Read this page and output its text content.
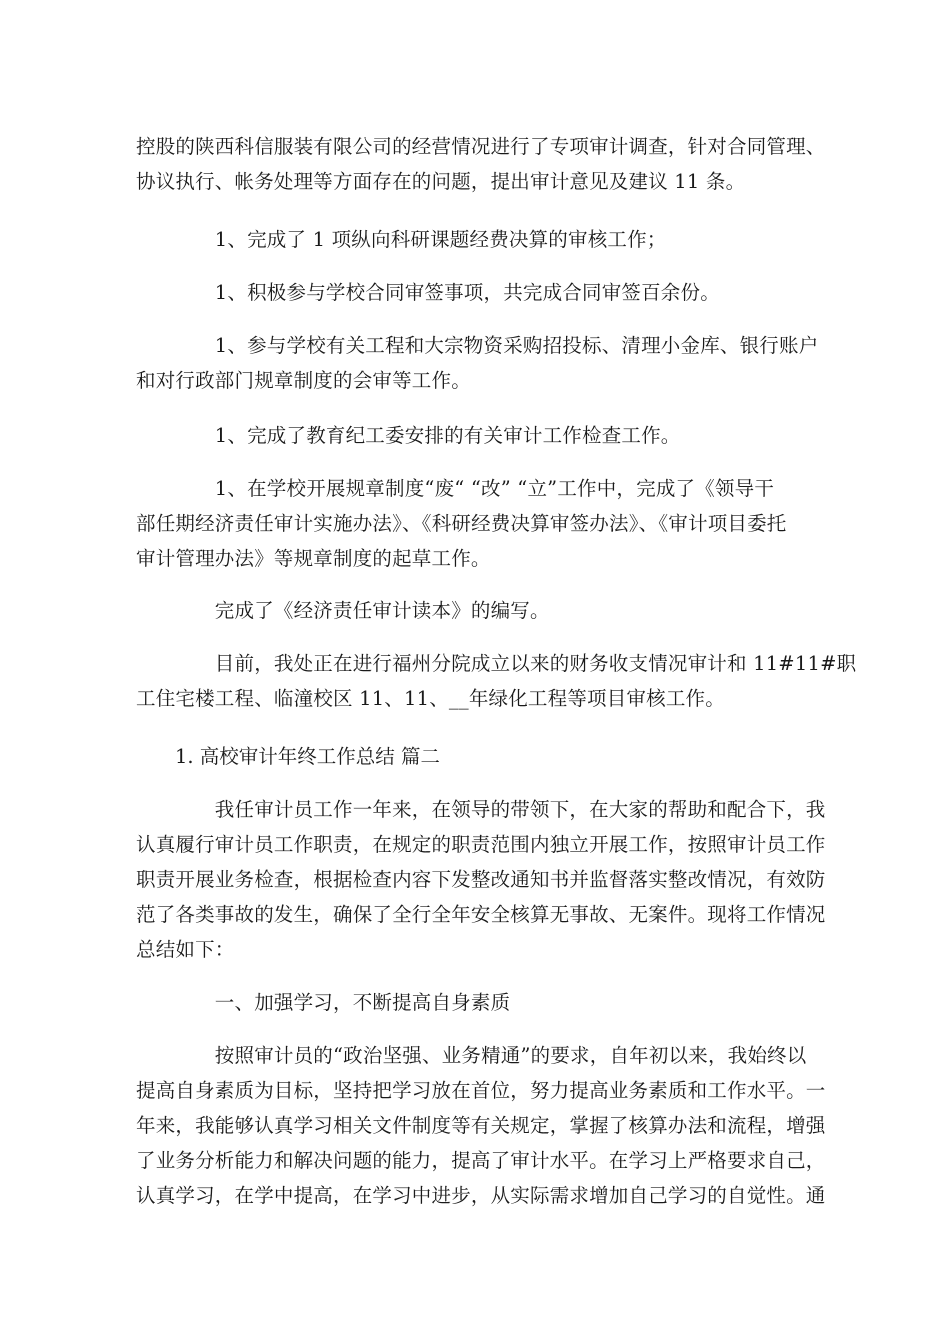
控股的陕西科信服装有限公司的经营情况进行了专项审计调查，针对合同管理、
协议执行、帐务处理等方面存在的问题，提出审计意见及建议 11 条。
　　　　1、完成了 1 项纵向科研课题经费决算的审核工作；
　　　　1、积极参与学校合同审签事项，共完成合同审签百余份。
　　　　1、参与学校有关工程和大宗物资采购招投标、清理小金库、银行账户
和对行政部门规章制度的会审等工作。
　　　　1、完成了教育纪工委安排的有关审计工作检查工作。
　　　　1、在学校开展规章制度“废“ “改” “立”工作中，完成了《领导干
部任期经济责任审计实施办法》、《科研经费决算审签办法》、《审计项目委托
审计管理办法》等规章制度的起草工作。
　　　　完成了《经济责任审计读本》的编写。
　　　　目前，我处正在进行福州分院成立以来的财务收支情况审计和 11#11#职
工住宅楼工程、临潼校区 11、11、__年绿化工程等项目审核工作。
1. 高校审计年终工作总结 篇二
　　　　我任审计员工作一年来，在领导的带领下，在大家的帮助和配合下，我
认真履行审计员工作职责，在规定的职责范围内独立开展工作，按照审计员工作
职责开展业务检查，根据检查内容下发整改通知书并监督落实整改情况，有效防
范了各类事故的发生，确保了全行全年安全核算无事故、无案件。现将工作情况
总结如下：
　　　　一、加强学习，不断提高自身素质
　　　　按照审计员的“政治坚强、业务精通”的要求，自年初以来，我始终以
提高自身素质为目标，坚持把学习放在首位，努力提高业务素质和工作水平。一
年来，我能够认真学习相关文件制度等有关规定，掌握了核算办法和流程，增强
了业务分析能力和解决问题的能力，提高了审计水平。在学习上严格要求自己，
认真学习，在学中提高，在学习中进步，从实际需求增加自己学习的自觉性。通
